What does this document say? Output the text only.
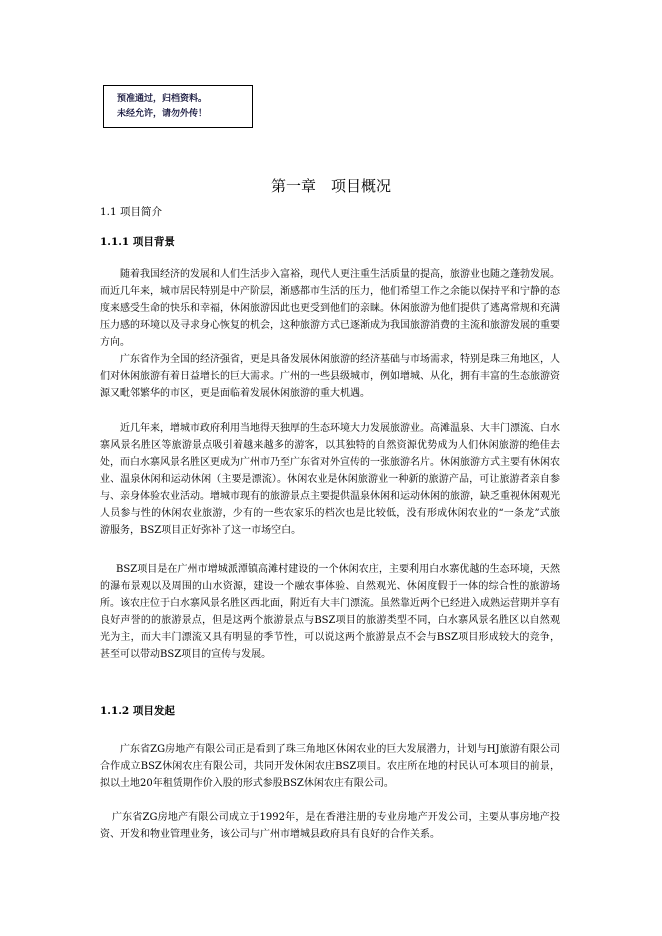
预准通过，归档资料。
未经允许，请勿外传！
第一章　项目概况
1.1 项目简介
1.1.1 项目背景

随着我国经济的发展和人们生活步入富裕，现代人更注重生活质量的提高，旅游业也随之蓬勃发展。而近几年来，城市居民特别是中产阶层，渐感都市生活的压力，他们希望工作之余能以保持平和宁静的态度来感受生命的快乐和幸福，休闲旅游因此也更受到他们的亲睐。休闲旅游为他们提供了逃离常规和充满压力感的环境以及寻求身心恢复的机会，这种旅游方式已逐渐成为我国旅游消费的主流和旅游发展的重要方向。

广东省作为全国的经济强省，更是具备发展休闲旅游的经济基础与市场需求，特别是珠三角地区，人们对休闲旅游有着日益增长的巨大需求。广州的一些县级城市，例如增城、从化，拥有丰富的生态旅游资源又毗邻繁华的市区，更是面临着发展休闲旅游的重大机遇。

近几年来，增城市政府利用当地得天独厚的生态环境大力发展旅游业。高滩温泉、大丰门漂流、白水寨风景名胜区等旅游景点吸引着越来越多的游客，以其独特的自然资源优势成为人们休闲旅游的绝佳去处，而白水寨风景名胜区更成为广州市乃至广东省对外宣传的一张旅游名片。休闲旅游方式主要有休闲农业、温泉休闲和运动休闲（主要是漂流）。休闲农业是休闲旅游业一种新的旅游产品，可让旅游者亲自参与、亲身体验农业活动。增城市现有的旅游景点主要提供温泉休闲和运动休闲的旅游，缺乏重视休闲观光人员参与性的休闲农业旅游，少有的一些农家乐的档次也是比较低，没有形成休闲农业的“一条龙”式旅游服务，BSZ项目正好弥补了这一市场空白。

BSZ项目是在广州市增城派潭镇高滩村建设的一个休闲农庄，主要利用白水寨优越的生态环境，天然的瀑布景观以及周围的山水资源，建设一个融农事体验、自然观光、休闲度假于一体的综合性的旅游场所。该农庄位于白水寨风景名胜区西北面，附近有大丰门漂流。虽然靠近两个已经进入成熟运营期并享有良好声誉的的旅游景点，但是这两个旅游景点与BSZ项目的旅游类型不同，白水寨风景名胜区以自然观光为主，而大丰门漂流又具有明显的季节性，可以说这两个旅游景点不会与BSZ项目形成较大的竞争，甚至可以带动BSZ项目的宣传与发展。

1.1.2 项目发起

广东省ZG房地产有限公司正是看到了珠三角地区休闲农业的巨大发展潜力，计划与HJ旅游有限公司合作成立BSZ休闲农庄有限公司，共同开发休闲农庄BSZ项目。农庄所在地的村民认可本项目的前景，拟以土地20年租赁期作价入股的形式参股BSZ休闲农庄有限公司。

广东省ZG房地产有限公司成立于1992年，是在香港注册的专业房地产开发公司，主要从事房地产投资、开发和物业管理业务，该公司与广州市增城县政府具有良好的合作关系。
